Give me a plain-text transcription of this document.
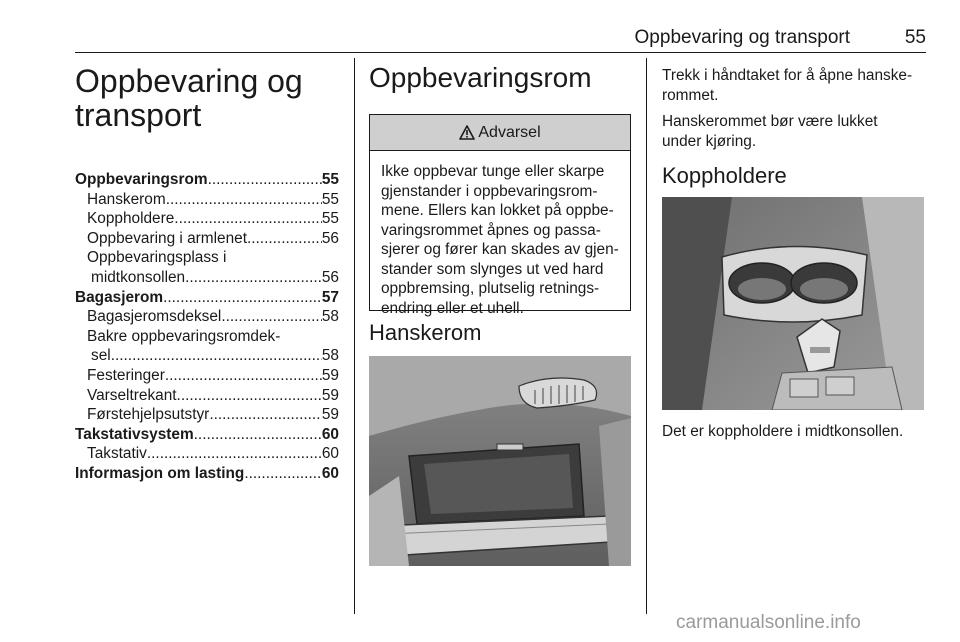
Oppbevaring og transport	55
Oppbevaring og
transport
Oppbevaringsrom .....	55
Hanskerom .....	55
Koppholdere .....	55
Oppbevaring i armlenet .....	56
Oppbevaringsplass i
midtkonsollen .....	56
Bagasjerom .....	57
Bagasjeromsdeksel .....	58
Bakre oppbevaringsromdek-
sel .....	58
Festeringer .....	59
Varseltrekant .....	59
Førstehjelpsutstyr .....	59
Takstativsystem .....	60
Takstativ .....	60
Informasjon om lasting .....	60
Oppbevaringsrom
Advarsel
Ikke oppbevar tunge eller skarpe
gjenstander i oppbevaringsrom-
mene. Ellers kan lokket på oppbe-
varingsrommet åpnes og passa-
sjerer og fører kan skades av gjen-
stander som slynges ut ved hard
oppbremsing, plutselig retnings-
endring eller et uhell.
Hanskerom

Trekk i håndtaket for å åpne hanske-
rommet.

Hanskerommet bør være lukket
under kjøring.

Koppholdere
Det er koppholdere i midtkonsollen.
carmanualsonline.info
